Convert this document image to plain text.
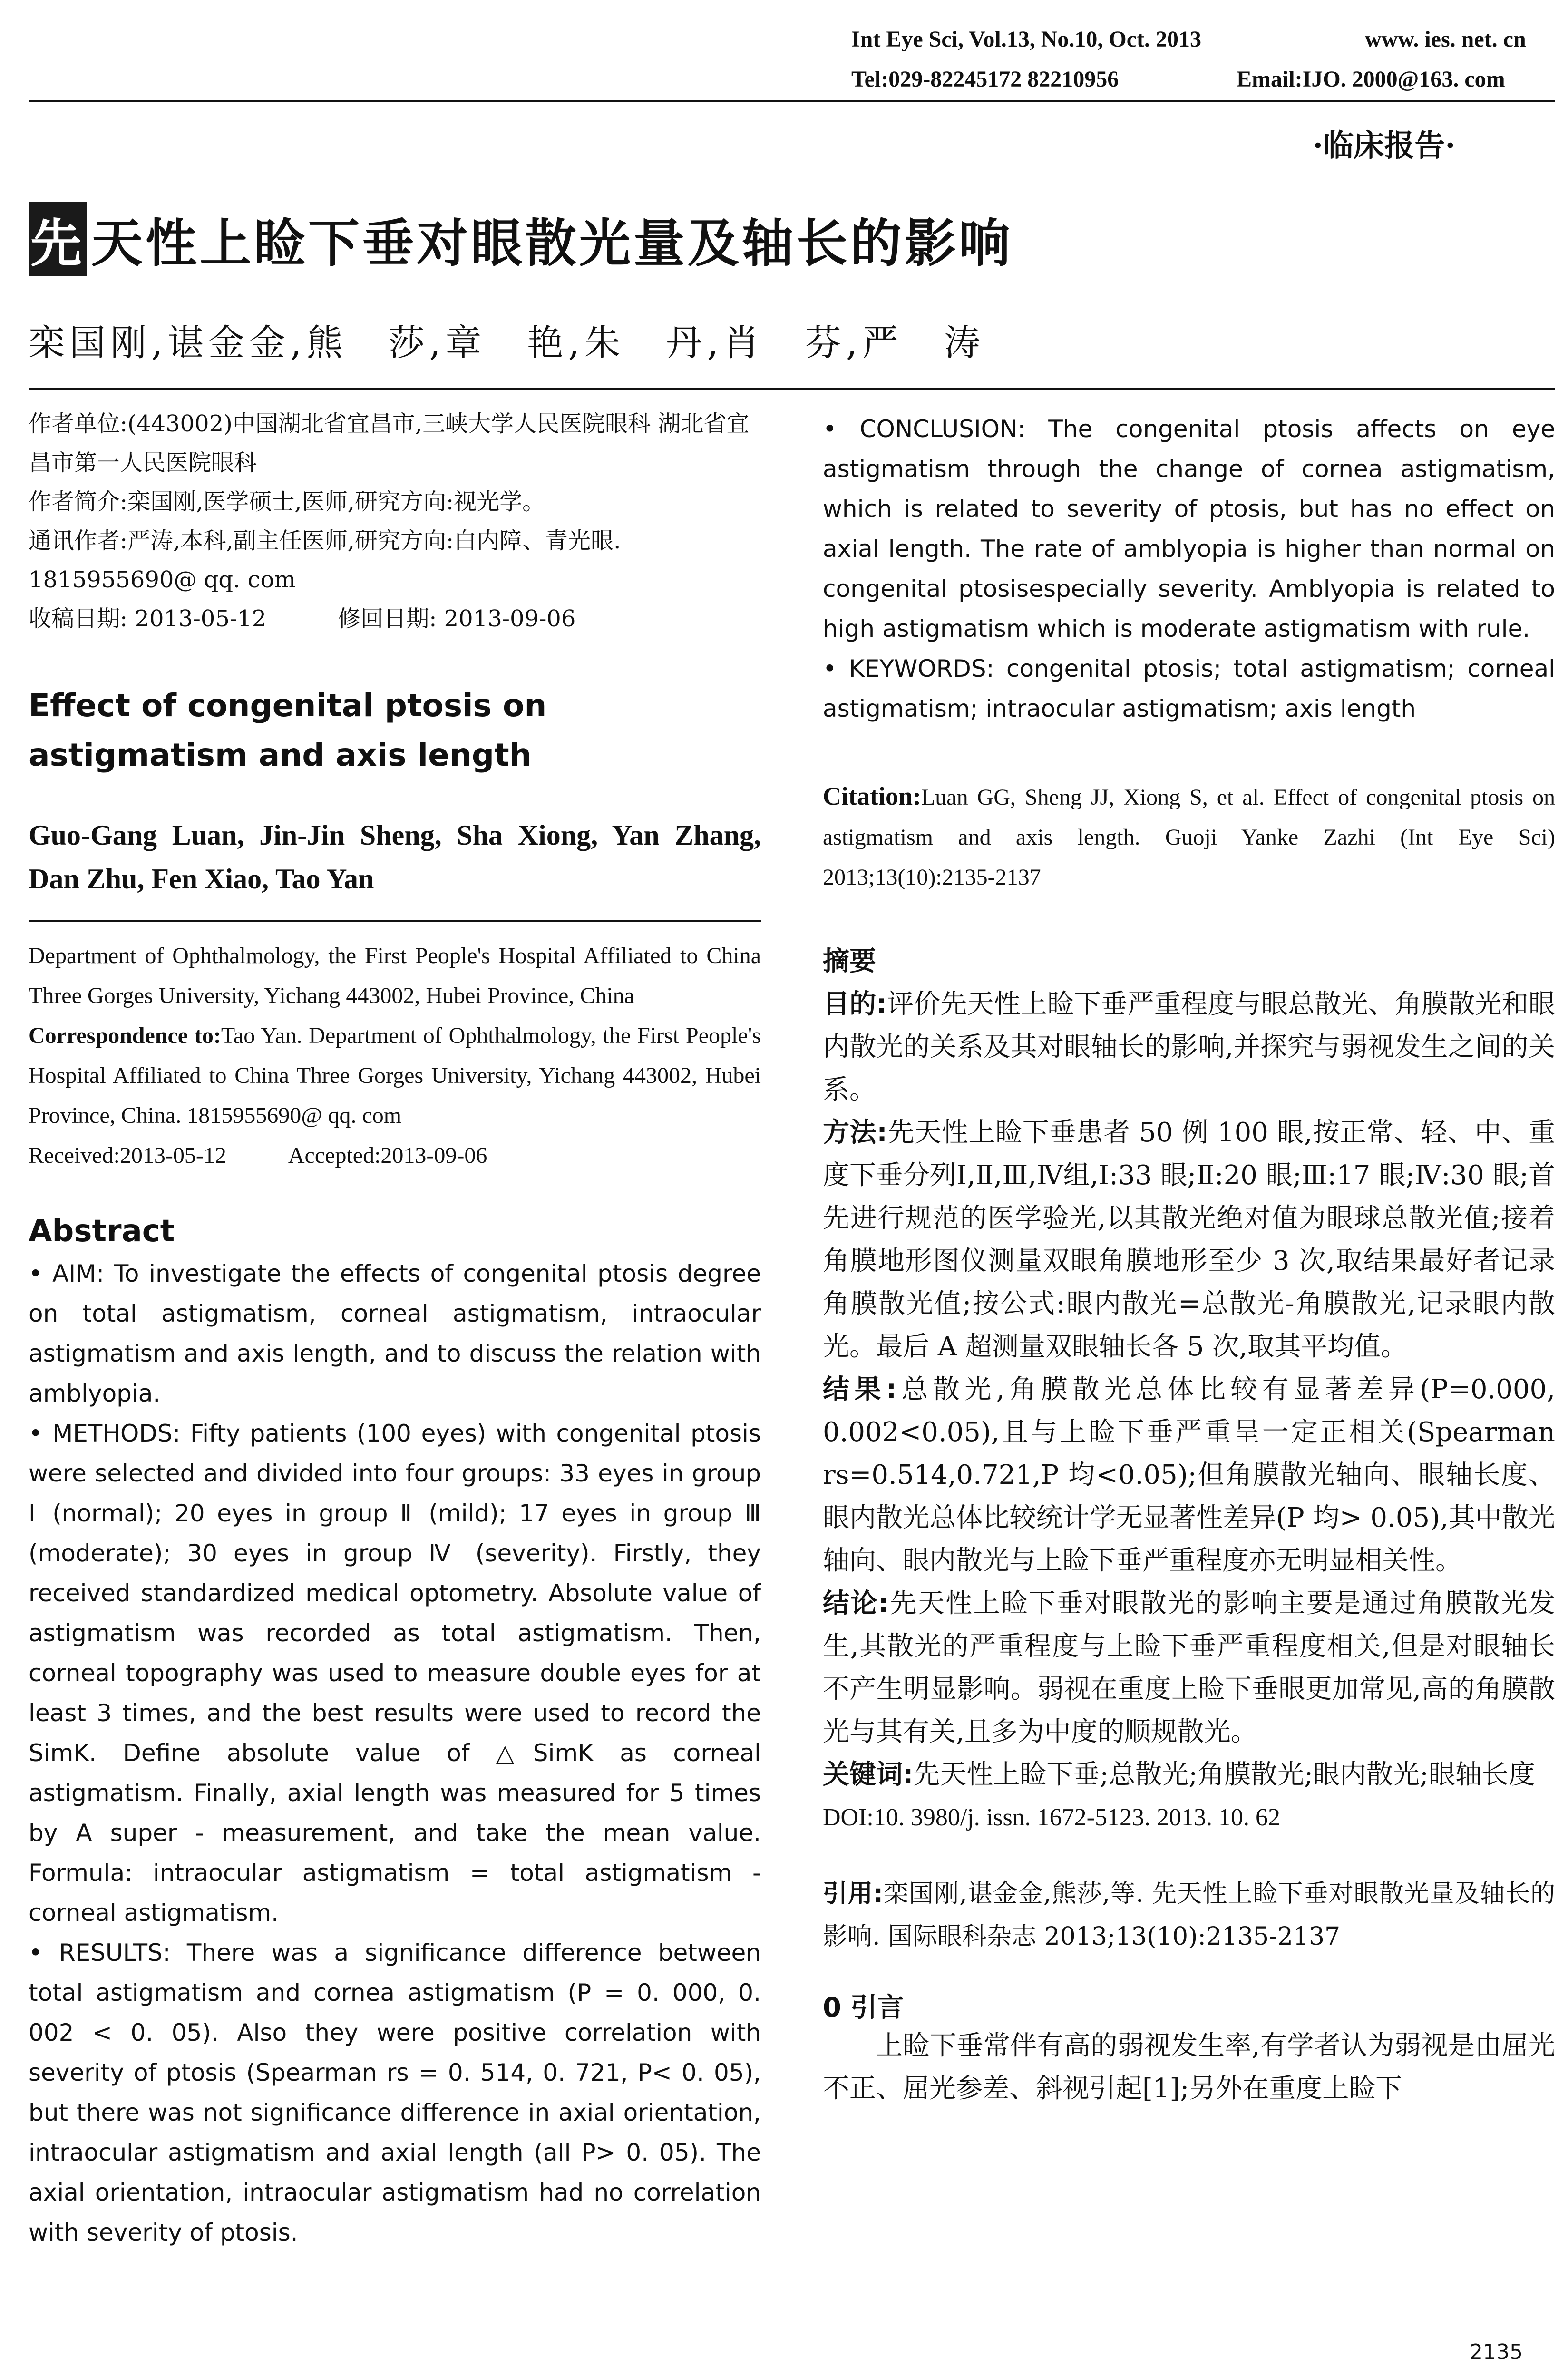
Int Eye Sci, Vol.13, No.10, Oct. 2013	www. ies. net. cn
Tel:029-82245172 82210956	Email:IJO. 2000@163. com
·临床报告·
先 天性上睑下垂对眼散光量及轴长的影响
栾国刚,谌金金,熊　莎,章　艳,朱　丹,肖　芬,严　涛
作者单位:(443002)中国湖北省宜昌市,三峡大学人民医院眼科 湖北省宜昌市第一人民医院眼科
作者简介:栾国刚,医学硕士,医师,研究方向:视光学。
通讯作者:严涛,本科,副主任医师,研究方向:白内障、青光眼. 1815955690@ qq. com
收稿日期: 2013-05-12	修回日期: 2013-09-06
Effect of congenital ptosis on astigmatism and axis length
Guo-Gang Luan, Jin-Jin Sheng, Sha Xiong, Yan Zhang, Dan Zhu, Fen Xiao, Tao Yan
Department of Ophthalmology, the First People's Hospital Affiliated to China Three Gorges University, Yichang 443002, Hubei Province, China
Correspondence to:Tao Yan. Department of Ophthalmology, the First People's Hospital Affiliated to China Three Gorges University, Yichang 443002, Hubei Province, China. 1815955690@ qq. com
Received:2013-05-12	Accepted:2013-09-06
Abstract

• AIM: To investigate the effects of congenital ptosis degree on total astigmatism, corneal astigmatism, intraocular astigmatism and axis length, and to discuss the relation with amblyopia.

• METHODS: Fifty patients (100 eyes) with congenital ptosis were selected and divided into four groups: 33 eyes in group Ⅰ (normal); 20 eyes in group Ⅱ (mild); 17 eyes in group Ⅲ (moderate); 30 eyes in group Ⅳ (severity). Firstly, they received standardized medical optometry. Absolute value of astigmatism was recorded as total astigmatism. Then, corneal topography was used to measure double eyes for at least 3 times, and the best results were used to record the SimK. Define absolute value of △SimK as corneal astigmatism. Finally, axial length was measured for 5 times by A super - measurement, and take the mean value. Formula: intraocular astigmatism = total astigmatism - corneal astigmatism.

• RESULTS: There was a significance difference between total astigmatism and cornea astigmatism (P = 0. 000, 0. 002 < 0. 05). Also they were positive correlation with severity of ptosis (Spearman rs = 0. 514, 0. 721, P< 0. 05), but there was not significance difference in axial orientation, intraocular astigmatism and axial length (all P> 0. 05). The axial orientation, intraocular astigmatism had no correlation with severity of ptosis.

• CONCLUSION: The congenital ptosis affects on eye astigmatism through the change of cornea astigmatism, which is related to severity of ptosis, but has no effect on axial length. The rate of amblyopia is higher than normal on congenital ptosisespecially severity. Amblyopia is related to high astigmatism which is moderate astigmatism with rule.

• KEYWORDS: congenital ptosis; total astigmatism; corneal astigmatism; intraocular astigmatism; axis length

Citation:Luan GG, Sheng JJ, Xiong S, et al. Effect of congenital ptosis on astigmatism and axis length. Guoji Yanke Zazhi (Int Eye Sci) 2013;13(10):2135-2137
摘要

目的:评价先天性上睑下垂严重程度与眼总散光、角膜散光和眼内散光的关系及其对眼轴长的影响,并探究与弱视发生之间的关系。

方法:先天性上睑下垂患者 50 例 100 眼,按正常、轻、中、重度下垂分列Ⅰ,Ⅱ,Ⅲ,Ⅳ组,Ⅰ:33 眼;Ⅱ:20 眼;Ⅲ:17 眼;Ⅳ:30 眼;首先进行规范的医学验光,以其散光绝对值为眼球总散光值;接着角膜地形图仪测量双眼角膜地形至少 3 次,取结果最好者记录角膜散光值;按公式:眼内散光=总散光-角膜散光,记录眼内散光。最后 A 超测量双眼轴长各 5 次,取其平均值。

结果:总散光,角膜散光总体比较有显著差异(P=0.000, 0.002<0.05),且与上睑下垂严重呈一定正相关(Spearman rs=0.514,0.721,P 均<0.05);但角膜散光轴向、眼轴长度、眼内散光总体比较统计学无显著性差异(P 均> 0.05),其中散光轴向、眼内散光与上睑下垂严重程度亦无明显相关性。

结论:先天性上睑下垂对眼散光的影响主要是通过角膜散光发生,其散光的严重程度与上睑下垂严重程度相关,但是对眼轴长不产生明显影响。弱视在重度上睑下垂眼更加常见,高的角膜散光与其有关,且多为中度的顺规散光。

关键词:先天性上睑下垂;总散光;角膜散光;眼内散光;眼轴长度

DOI:10. 3980/j. issn. 1672-5123. 2013. 10. 62
引用:栾国刚,谌金金,熊莎,等. 先天性上睑下垂对眼散光量及轴长的影响. 国际眼科杂志 2013;13(10):2135-2137
0 引言
上睑下垂常伴有高的弱视发生率,有学者认为弱视是由屈光不正、屈光参差、斜视引起[1];另外在重度上睑下
2135
